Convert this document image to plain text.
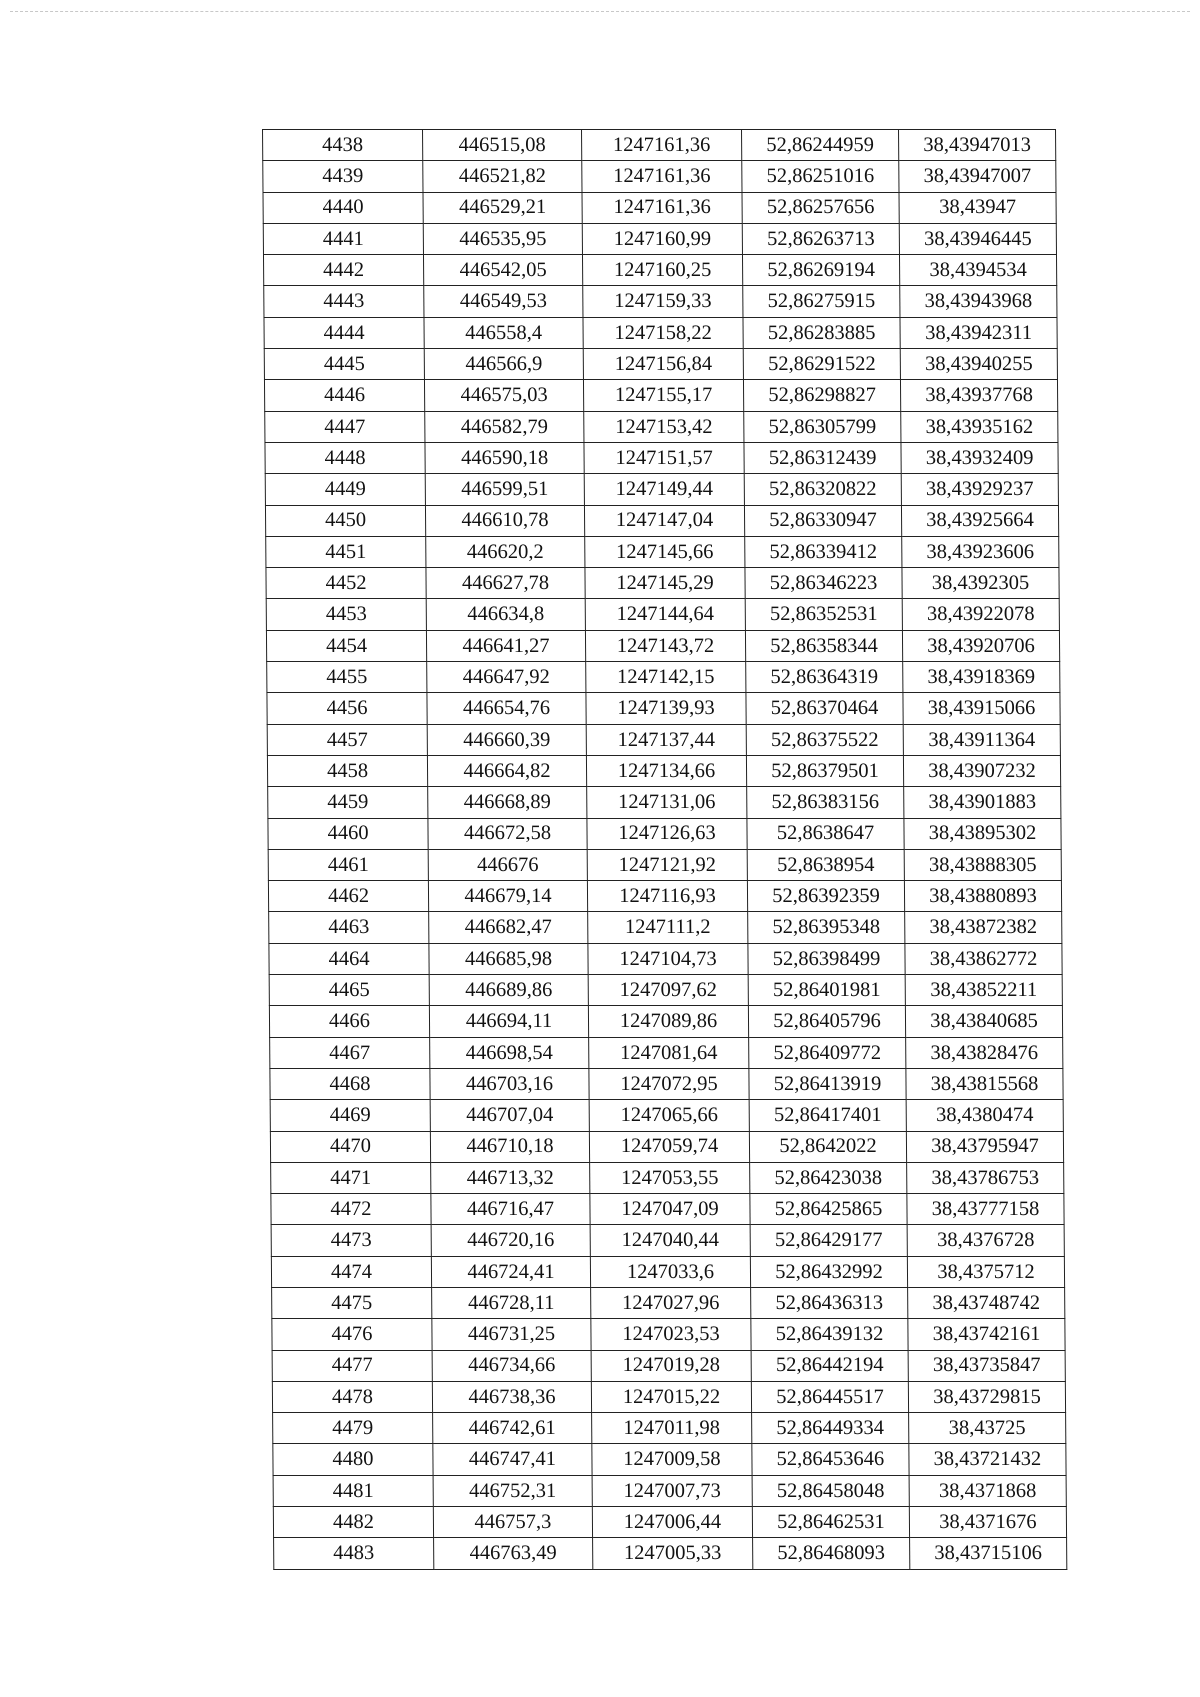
4438	446515,08	1247161,36	52,86244959	38,43947013
4439	446521,82	1247161,36	52,86251016	38,43947007
4440	446529,21	1247161,36	52,86257656	38,43947
4441	446535,95	1247160,99	52,86263713	38,43946445
4442	446542,05	1247160,25	52,86269194	38,4394534
4443	446549,53	1247159,33	52,86275915	38,43943968
4444	446558,4	1247158,22	52,86283885	38,43942311
4445	446566,9	1247156,84	52,86291522	38,43940255
4446	446575,03	1247155,17	52,86298827	38,43937768
4447	446582,79	1247153,42	52,86305799	38,43935162
4448	446590,18	1247151,57	52,86312439	38,43932409
4449	446599,51	1247149,44	52,86320822	38,43929237
4450	446610,78	1247147,04	52,86330947	38,43925664
4451	446620,2	1247145,66	52,86339412	38,43923606
4452	446627,78	1247145,29	52,86346223	38,4392305
4453	446634,8	1247144,64	52,86352531	38,43922078
4454	446641,27	1247143,72	52,86358344	38,43920706
4455	446647,92	1247142,15	52,86364319	38,43918369
4456	446654,76	1247139,93	52,86370464	38,43915066
4457	446660,39	1247137,44	52,86375522	38,43911364
4458	446664,82	1247134,66	52,86379501	38,43907232
4459	446668,89	1247131,06	52,86383156	38,43901883
4460	446672,58	1247126,63	52,8638647	38,43895302
4461	446676	1247121,92	52,8638954	38,43888305
4462	446679,14	1247116,93	52,86392359	38,43880893
4463	446682,47	1247111,2	52,86395348	38,43872382
4464	446685,98	1247104,73	52,86398499	38,43862772
4465	446689,86	1247097,62	52,86401981	38,43852211
4466	446694,11	1247089,86	52,86405796	38,43840685
4467	446698,54	1247081,64	52,86409772	38,43828476
4468	446703,16	1247072,95	52,86413919	38,43815568
4469	446707,04	1247065,66	52,86417401	38,4380474
4470	446710,18	1247059,74	52,8642022	38,43795947
4471	446713,32	1247053,55	52,86423038	38,43786753
4472	446716,47	1247047,09	52,86425865	38,43777158
4473	446720,16	1247040,44	52,86429177	38,4376728
4474	446724,41	1247033,6	52,86432992	38,4375712
4475	446728,11	1247027,96	52,86436313	38,43748742
4476	446731,25	1247023,53	52,86439132	38,43742161
4477	446734,66	1247019,28	52,86442194	38,43735847
4478	446738,36	1247015,22	52,86445517	38,43729815
4479	446742,61	1247011,98	52,86449334	38,43725
4480	446747,41	1247009,58	52,86453646	38,43721432
4481	446752,31	1247007,73	52,86458048	38,4371868
4482	446757,3	1247006,44	52,86462531	38,4371676
4483	446763,49	1247005,33	52,86468093	38,43715106
